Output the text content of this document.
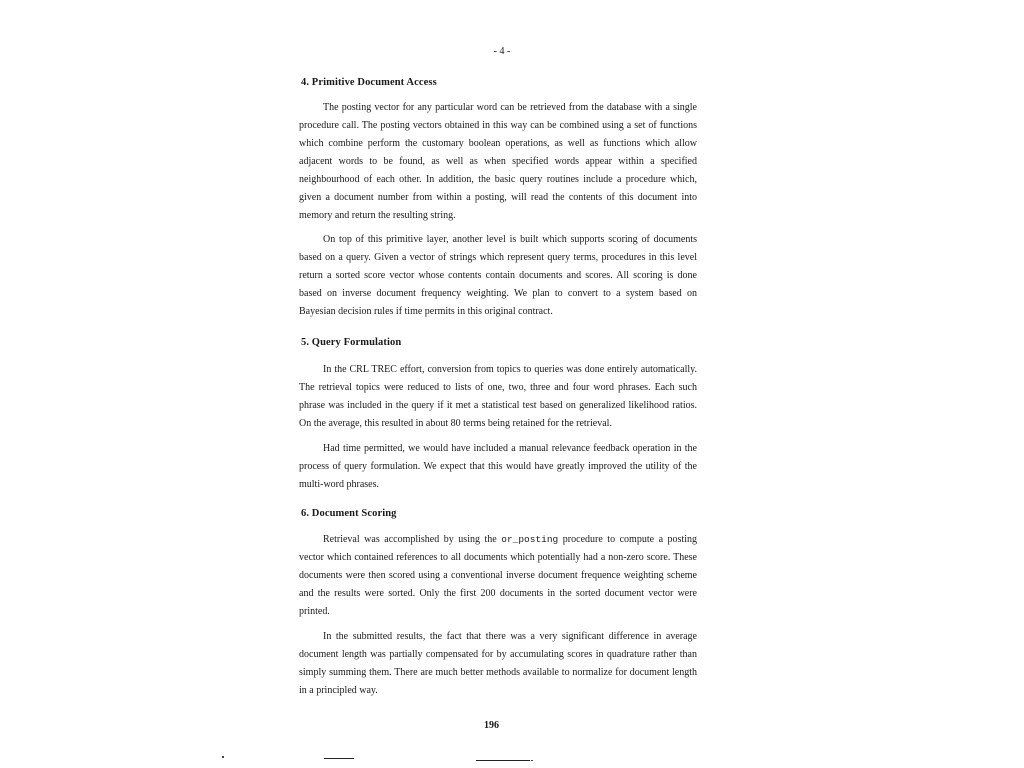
- 4 -
4. Primitive Document Access

The posting vector for any particular word can be retrieved from the database with a single procedure call. The posting vectors obtained in this way can be combined using a set of functions which combine perform the customary boolean operations, as well as functions which allow adjacent words to be found, as well as when specified words appear within a specified neighbourhood of each other. In addition, the basic query routines include a procedure which, given a document number from within a posting, will read the contents of this document into memory and return the resulting string.

On top of this primitive layer, another level is built which supports scoring of documents based on a query. Given a vector of strings which represent query terms, procedures in this level return a sorted score vector whose contents contain documents and scores. All scoring is done based on inverse document frequency weighting. We plan to convert to a system based on Bayesian decision rules if time permits in this original contract.

5. Query Formulation

In the CRL TREC effort, conversion from topics to queries was done entirely automatically. The retrieval topics were reduced to lists of one, two, three and four word phrases. Each such phrase was included in the query if it met a statistical test based on generalized likelihood ratios. On the average, this resulted in about 80 terms being retained for the retrieval.

Had time permitted, we would have included a manual relevance feedback operation in the process of query formulation. We expect that this would have greatly improved the utility of the multi-word phrases.

6. Document Scoring

Retrieval was accomplished by using the or_posting procedure to compute a posting vector which contained references to all documents which potentially had a non-zero score. These documents were then scored using a conventional inverse document frequence weighting scheme and the results were sorted. Only the first 200 documents in the sorted document vector were printed.

In the submitted results, the fact that there was a very significant difference in average document length was partially compensated for by accumulating scores in quadrature rather than simply summing them. There are much better methods available to normalize for document length in a principled way.

196
